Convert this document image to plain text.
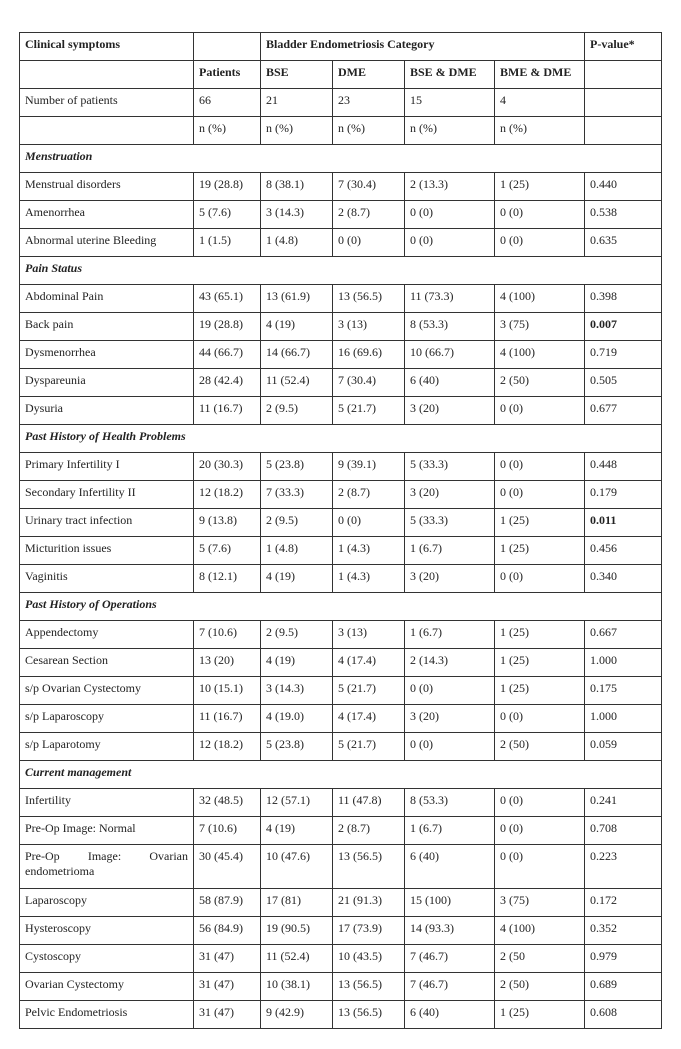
Clinical symptoms		Bladder Endometriosis Category				P-value*
	Patients	BSE	DME	BSE & DME	BME & DME	
Number of patients	66	21	23	15	4	
	n (%)	n (%)	n (%)	n (%)	n (%)	
Menstruation						
Menstrual disorders	19 (28.8)	8 (38.1)	7 (30.4)	2 (13.3)	1 (25)	0.440
Amenorrhea	5 (7.6)	3 (14.3)	2 (8.7)	0 (0)	0 (0)	0.538
Abnormal uterine Bleeding	1 (1.5)	1 (4.8)	0 (0)	0 (0)	0 (0)	0.635
Pain Status						
Abdominal Pain	43 (65.1)	13 (61.9)	13 (56.5)	11 (73.3)	4 (100)	0.398
Back pain	19 (28.8)	4 (19)	3 (13)	8 (53.3)	3 (75)	0.007
Dysmenorrhea	44 (66.7)	14 (66.7)	16 (69.6)	10 (66.7)	4 (100)	0.719
Dyspareunia	28 (42.4)	11 (52.4)	7 (30.4)	6 (40)	2 (50)	0.505
Dysuria	11 (16.7)	2 (9.5)	5 (21.7)	3 (20)	0 (0)	0.677
Past History of Health Problems						
Primary Infertility I	20 (30.3)	5 (23.8)	9 (39.1)	5 (33.3)	0 (0)	0.448
Secondary Infertility II	12 (18.2)	7 (33.3)	2 (8.7)	3 (20)	0 (0)	0.179
Urinary tract infection	9 (13.8)	2 (9.5)	0 (0)	5 (33.3)	1 (25)	0.011
Micturition issues	5 (7.6)	1 (4.8)	1 (4.3)	1 (6.7)	1 (25)	0.456
Vaginitis	8 (12.1)	4 (19)	1 (4.3)	3 (20)	0 (0)	0.340
Past History of Operations						
Appendectomy	7 (10.6)	2 (9.5)	3 (13)	1 (6.7)	1 (25)	0.667
Cesarean Section	13 (20)	4 (19)	4 (17.4)	2 (14.3)	1 (25)	1.000
s/p Ovarian Cystectomy	10 (15.1)	3 (14.3)	5 (21.7)	0 (0)	1 (25)	0.175
s/p Laparoscopy	11 (16.7)	4 (19.0)	4 (17.4)	3 (20)	0 (0)	1.000
s/p Laparotomy	12 (18.2)	5 (23.8)	5 (21.7)	0 (0)	2 (50)	0.059
Current management						
Infertility	32 (48.5)	12 (57.1)	11 (47.8)	8 (53.3)	0 (0)	0.241
Pre-Op Image: Normal	7 (10.6)	4 (19)	2 (8.7)	1 (6.7)	0 (0)	0.708
Pre-Op Image: Ovarian endometrioma	30 (45.4)	10 (47.6)	13 (56.5)	6 (40)	0 (0)	0.223
Laparoscopy	58 (87.9)	17 (81)	21 (91.3)	15 (100)	3 (75)	0.172
Hysteroscopy	56 (84.9)	19 (90.5)	17 (73.9)	14 (93.3)	4 (100)	0.352
Cystoscopy	31 (47)	11 (52.4)	10 (43.5)	7 (46.7)	2 (50	0.979
Ovarian Cystectomy	31 (47)	10 (38.1)	13 (56.5)	7 (46.7)	2 (50)	0.689
Pelvic Endometriosis	31 (47)	9 (42.9)	13 (56.5)	6 (40)	1 (25)	0.608
